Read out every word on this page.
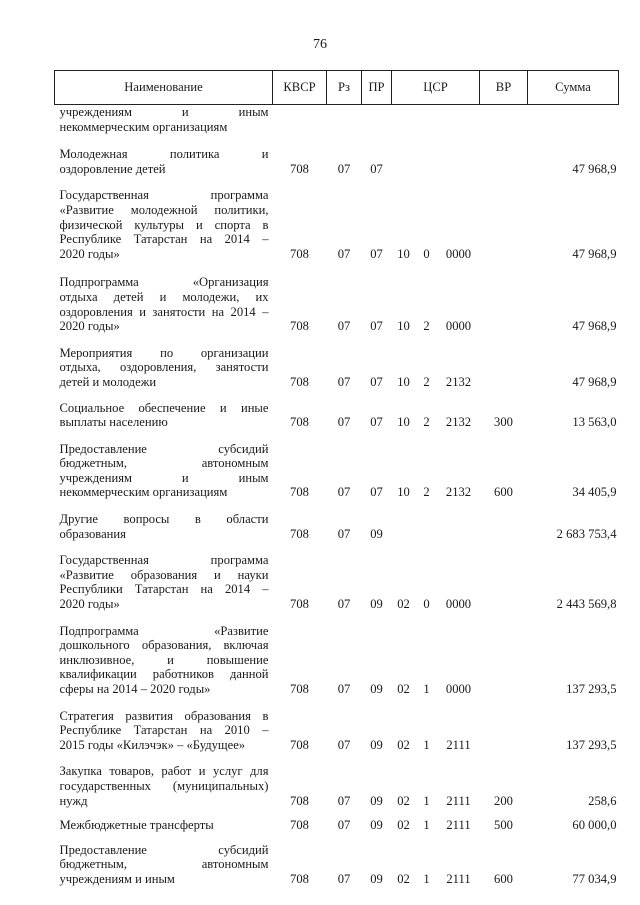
76
Наименование	КВСР	Рз	ПР	ЦСР			ВР	Сумма

учреждениям и иным
некоммерческим организациям								

Молодежная политика и
оздоровление детей	708	07	07					47 968,9

Государственная программа
«Развитие молодежной политики,
физической культуры и спорта в
Республике Татарстан на 2014 –
2020 годы»	708	07	07	10	0	0000		47 968,9

Подпрограмма «Организация
отдыха детей и молодежи, их
оздоровления и занятости на 2014 –
2020 годы»	708	07	07	10	2	0000		47 968,9

Мероприятия по организации
отдыха, оздоровления, занятости
детей и молодежи	708	07	07	10	2	2132		47 968,9

Социальное обеспечение и иные
выплаты населению	708	07	07	10	2	2132	300	13 563,0

Предоставление субсидий
бюджетным, автономным
учреждениям и иным
некоммерческим организациям	708	07	07	10	2	2132	600	34 405,9

Другие вопросы в области
образования	708	07	09					2 683 753,4

Государственная программа
«Развитие образования и науки
Республики Татарстан на 2014 –
2020 годы»	708	07	09	02	0	0000		2 443 569,8

Подпрограмма «Развитие
дошкольного образования, включая
инклюзивное, и повышение
квалификации работников данной
сферы на 2014 – 2020 годы»	708	07	09	02	1	0000		137 293,5

Стратегия развития образования в
Республике Татарстан на 2010 –
2015 годы «Килэчэк» – «Будущее»	708	07	09	02	1	2111		137 293,5

Закупка товаров, работ и услуг для
государственных (муниципальных)
нужд	708	07	09	02	1	2111	200	258,6

Межбюджетные трансферты	708	07	09	02	1	2111	500	60 000,0

Предоставление субсидий
бюджетным, автономным
учреждениям и иным	708	07	09	02	1	2111	600	77 034,9
